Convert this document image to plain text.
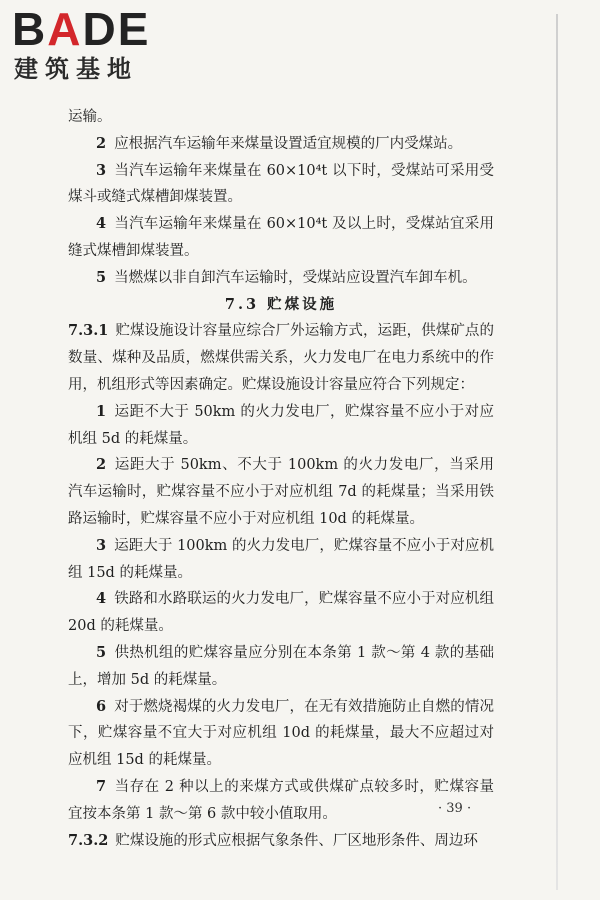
BADE
建筑基地

运输。

2 应根据汽车运输年来煤量设置适宜规模的厂内受煤站。

3 当汽车运输年来煤量在 60×10⁴t 以下时，受煤站可采用受煤斗或缝式煤槽卸煤装置。

4 当汽车运输年来煤量在 60×10⁴t 及以上时，受煤站宜采用缝式煤槽卸煤装置。

5 当燃煤以非自卸汽车运输时，受煤站应设置汽车卸车机。

7.3 贮煤设施

7.3.1 贮煤设施设计容量应综合厂外运输方式，运距，供煤矿点的数量、煤种及品质，燃煤供需关系，火力发电厂在电力系统中的作用，机组形式等因素确定。贮煤设施设计容量应符合下列规定：

1 运距不大于 50km 的火力发电厂，贮煤容量不应小于对应机组 5d 的耗煤量。

2 运距大于 50km、不大于 100km 的火力发电厂，当采用汽车运输时，贮煤容量不应小于对应机组 7d 的耗煤量；当采用铁路运输时，贮煤容量不应小于对应机组 10d 的耗煤量。

3 运距大于 100km 的火力发电厂，贮煤容量不应小于对应机组 15d 的耗煤量。

4 铁路和水路联运的火力发电厂，贮煤容量不应小于对应机组 20d 的耗煤量。

5 供热机组的贮煤容量应分别在本条第 1 款～第 4 款的基础上，增加 5d 的耗煤量。

6 对于燃烧褐煤的火力发电厂，在无有效措施防止自燃的情况下，贮煤容量不宜大于对应机组 10d 的耗煤量，最大不应超过对应机组 15d 的耗煤量。

7 当存在 2 种以上的来煤方式或供煤矿点较多时，贮煤容量宜按本条第 1 款～第 6 款中较小值取用。

7.3.2 贮煤设施的形式应根据气象条件、厂区地形条件、周边环

· 39 ·
